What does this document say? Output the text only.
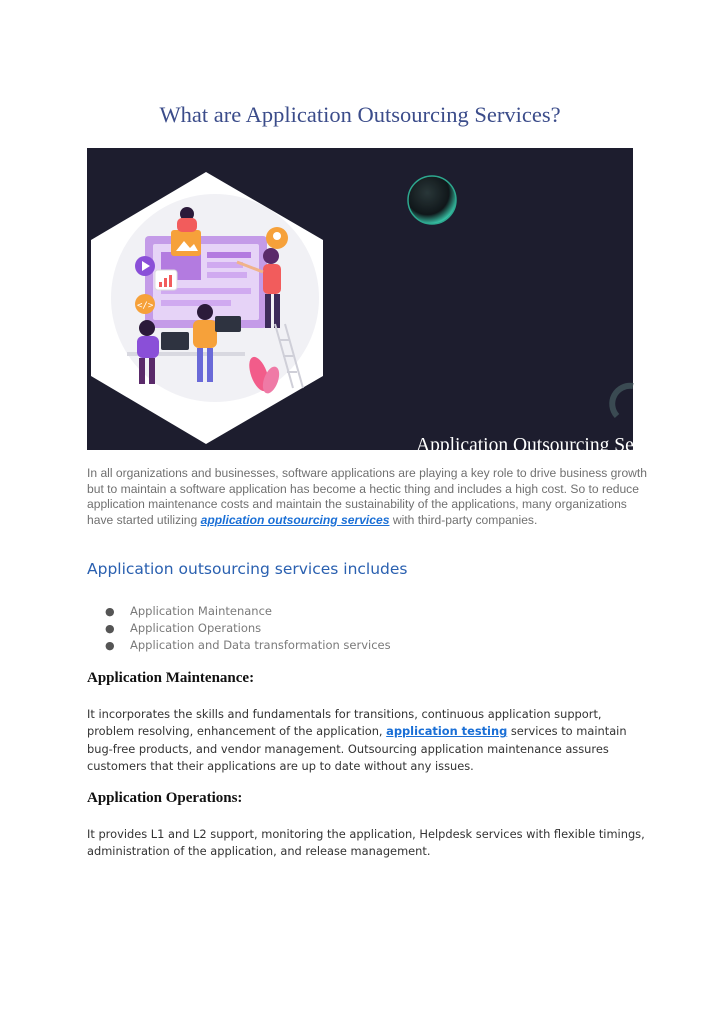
What are Application Outsourcing Services?
</>
Application Outsourcing Services

In all organizations and businesses, software applications are playing a key role to drive business growth but to maintain a software application has become a hectic thing and includes a high cost. So to reduce application maintenance costs and maintain the sustainability of the applications, many organizations have started utilizing application outsourcing services with third-party companies.

Application outsourcing services includes
● Application Maintenance
● Application Operations
● Application and Data transformation services
Application Maintenance:

It incorporates the skills and fundamentals for transitions, continuous application support, problem resolving, enhancement of the application, application testing services to maintain bug-free products, and vendor management. Outsourcing application maintenance assures customers that their applications are up to date without any issues.

Application Operations:

It provides L1 and L2 support, monitoring the application, Helpdesk services with flexible timings, administration of the application, and release management.
